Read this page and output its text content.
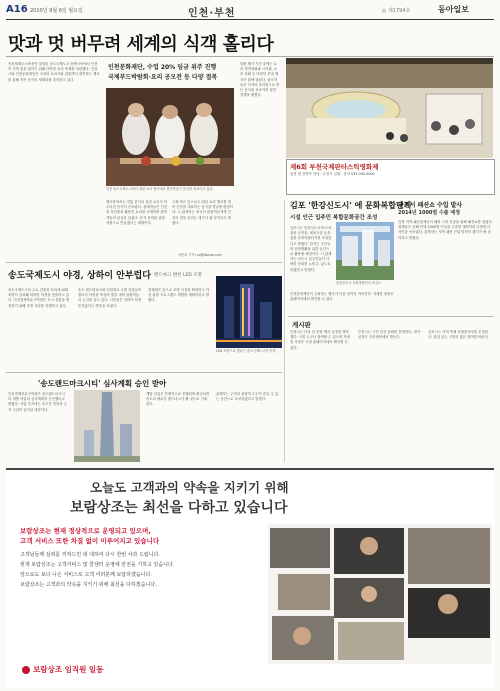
A16 2010년 9월 6일 월요일	인천·부천	◎ 제1794호	동아일보
맛과 멋 버무려 세계의 식객 홀리다
인천세계도시축전이 열렸던 송도국제도시 컨벤시아에서 인천이 지역 맛을 알리기 위해 다양한 요리 축제를 마련했다. 인천시와 인천문화재단은 국내외 요리사와 관광객이 참여하는 행사를 통해 지역 음식의 세계화를 추진하고 있다.
인천문화재단, 수업 20% 임금 위주 진행
국제푸드박람회·요리 공모전 등 다양 접목
인천 송도국제도시에서 열린 요리 행사에서 참가자들이 음식을 선보이고 있다.
행사장에서는 전통 한식과 퓨전 요리가 어우러진 음식이 선보였다. 관계자들은 인천의 특산물을 활용한 요리를 소개하며 관람객들의 관심을 끌었다. 음식 문화를 관광 자원으로 만들겠다는 계획이다.
주최 측은 앞으로도 매년 요리 행사를 열어 인천을 대표하는 음식을 발굴할 방침이다. 시 관계자는 외국인 관광객들에게 인천의 맛을 알리는 계기가 될 것이라고 밝혔다.
한편 행사 기간 중에는 요리 경연대회와 시식회, 요리 강좌 등 다양한 부대 행사가 함께 열렸다. 참가자들은 각자의 조리법으로 만든 음식을 선보이며 열띤 경쟁을 펼쳤다.
차준호 기자 run@donga.com
제6회 부천국제판타스틱영화제
일정 및 상영작 안내 · 부천시 일원 · 문의 032 000 0000
송도국제도시 야경, 상하이 안부럽다 랜드마크 밝힌 LED 조명
송도국제도시의 주요 건물과 다리에 LED 조명이 설치돼 화려한 야경을 연출하고 있다. 인천경제자유구역청은 도시 경관을 개선하기 위해 조명 사업을 진행하고 있다.
송도 센트럴파크와 인천대교 주변 건물들이 밤마다 다양한 색상의 빛을 내며 관광객들의 눈길을 끌고 있다. 시민들은 상하이 야경 못지않다는 반응을 보였다.
경제청은 앞으로 조명 시설을 확대하고 야간 관광 프로그램도 개발할 계획이라고 밝혔다.
LED 조명으로 빛나는 송도국제도시의 야경.
'송도랜드마크시티' 심사계획 승인 받아
인천경제자유구역청은 송도랜드마크시티 개발 사업의 심사계획을 승인했다고 밝혔다. 사업 부지에는 초고층 빌딩과 주거 시설이 들어설 예정이다.
개발 사업은 단계적으로 진행되며 완공되면 송도의 새로운 랜드마크가 될 것으로 기대된다.
관계자는 주민과 관광객 모두가 즐길 수 있는 공간으로 조성하겠다고 말했다.
김포 '한강신도시' 에 문화복합단지
시설 인근 입주민 복합문화공간 조성
김포시는 한강신도시에 도서관과 공연장, 체육시설 등을 갖춘 문화복합단지를 조성한다고 밝혔다. 단지는 주민들의 문화생활을 위한 공간으로 활용될 예정이다. 시 관계자는 신도시 입주민들이 다양한 문화를 누릴 수 있도록 하겠다고 말했다.
한강신도시 문화복합단지 조감도
인천서 패션쇼 수입 발사
2014년 1000벌 수출 예정
인천 지역 패션업체들이 해외 시장 진출을 위해 패션쇼를 열었다. 업체들은 올해 안에 1000벌 이상을 수출할 계획이며 다양한 디자인을 선보였다. 관계자는 지역 패션 산업 발전의 계기가 될 것이라고 밝혔다.
부천문화재단이 주최하는 행사가 다음 달까지 이어진다. 자세한 내용은 홈페이지에서 확인할 수 있다.
게시판
인천시는 다음 달 문화 행사 일정을 발표했다. 시민 누구나 참여할 수 있으며 자세한 사항은 시청 홈페이지에서 확인할 수 있다.
부천시는 시민 건강 강좌를 운영한다. 참가 신청은 주민센터에서 받는다.
김포시는 지역 축제 자원봉사자를 모집한다. 관심 있는 시민의 많은 참여를 바란다.
오늘도 고객과의 약속을 지키기 위해
보람상조는 최선을 다하고 있습니다
보람상조는 현재 정상적으로 운영되고 있으며,
고객 서비스 또한 차질 없이 이루어지고 있습니다
고객님들께 심려를 끼쳐드린 데 대하여 다시 한번 사과 드립니다.
현재 보람상조는 고객서비스 및 콜센터 운영에 만전을 기하고 있습니다.
앞으로도 보다 나은 서비스로 고객 여러분께 보답하겠습니다.
보람상조는 고객과의 약속을 지키기 위해 최선을 다하겠습니다.
보람상조 임직원 일동
